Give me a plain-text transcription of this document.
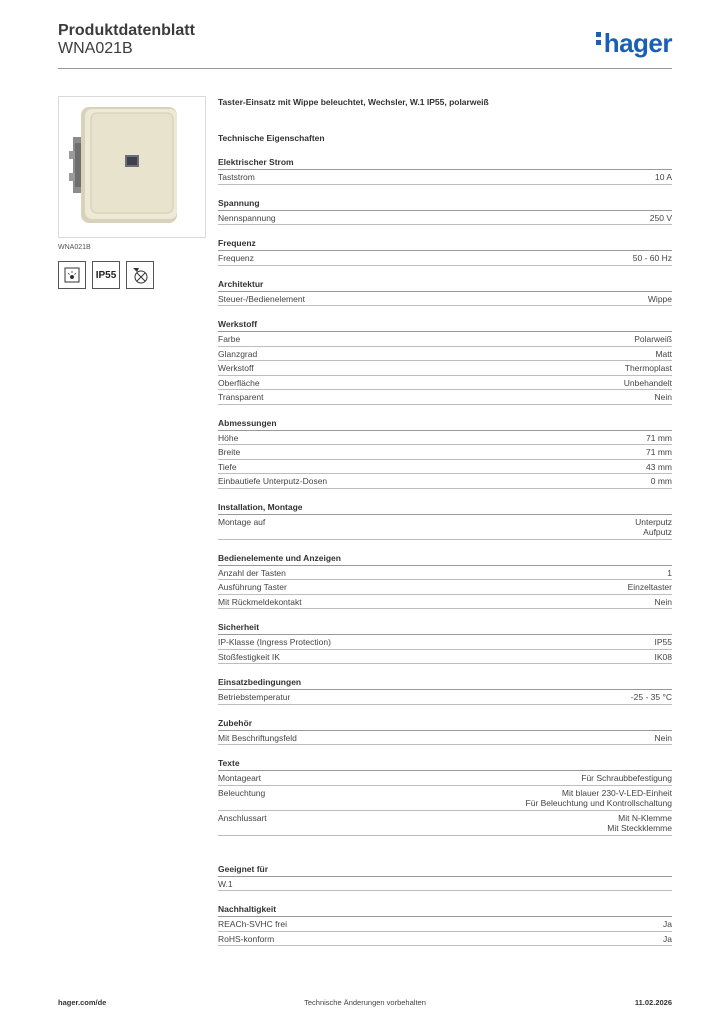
Produktdatenblatt
WNA021B	hager
WNA021B
IP55
Taster-Einsatz mit Wippe beleuchtet, Wechsler, W.1 IP55, polarweiß
Technische Eigenschaften
Elektrischer Strom
Taststrom	10 A
Spannung
Nennspannung	250 V
Frequenz
Frequenz	50 - 60 Hz
Architektur
Steuer-/Bedienelement	Wippe
Werkstoff
Farbe	Polarweiß
Glanzgrad	Matt
Werkstoff	Thermoplast
Oberfläche	Unbehandelt
Transparent	Nein
Abmessungen
Höhe	71 mm
Breite	71 mm
Tiefe	43 mm
Einbautiefe Unterputz-Dosen	0 mm
Installation, Montage
Montage auf	Unterputz
Aufputz
Bedienelemente und Anzeigen
Anzahl der Tasten	1
Ausführung Taster	Einzeltaster
Mit Rückmeldekontakt	Nein
Sicherheit
IP-Klasse (Ingress Protection)	IP55
Stoßfestigkeit IK	IK08
Einsatzbedingungen
Betriebstemperatur	-25 - 35 °C
Zubehör
Mit Beschriftungsfeld	Nein
Texte
Montageart	Für Schraubbefestigung
Beleuchtung	Mit blauer 230-V-LED-Einheit
Für Beleuchtung und Kontrollschaltung
Anschlussart	Mit N-Klemme
Mit Steckklemme
Geeignet für
W.1
Nachhaltigkeit
REACh-SVHC frei	Ja
RoHS-konform	Ja
hager.com/de	Technische Änderungen vorbehalten	11.02.2026
